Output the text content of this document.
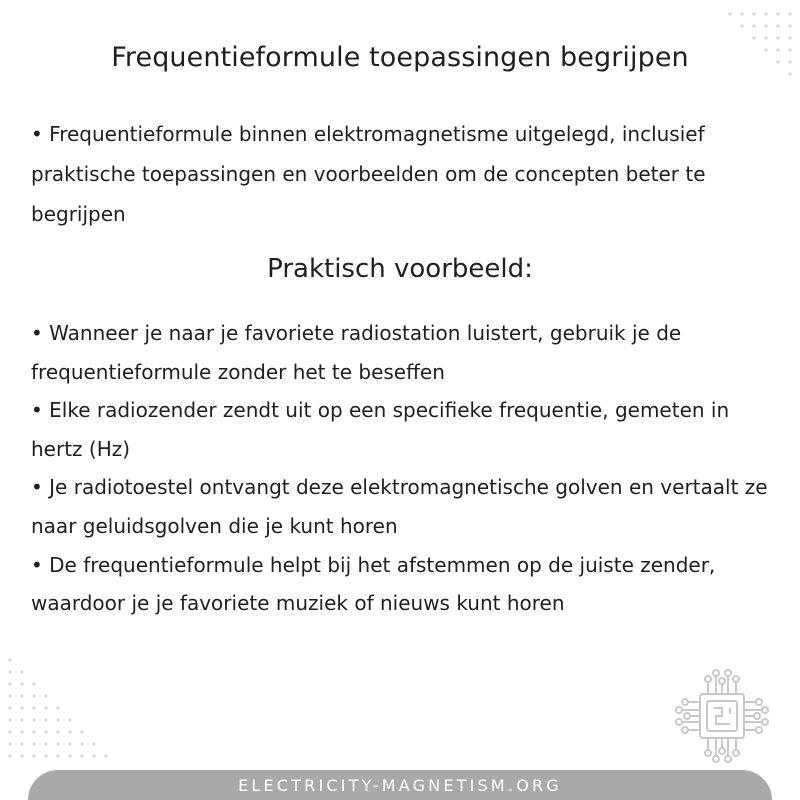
Frequentieformule toepassingen begrijpen

• Frequentieformule binnen elektromagnetisme uitgelegd, inclusief praktische toepassingen en voorbeelden om de concepten beter te begrijpen

Praktisch voorbeeld:

• Wanneer je naar je favoriete radiostation luistert, gebruik je de frequentieformule zonder het te beseffen

• Elke radiozender zendt uit op een specifieke frequentie, gemeten in hertz (Hz)

• Je radiotoestel ontvangt deze elektromagnetische golven en vertaalt ze naar geluidsgolven die je kunt horen

• De frequentieformule helpt bij het afstemmen op de juiste zender, waardoor je je favoriete muziek of nieuws kunt horen

ELECTRICITY-MAGNETISM.ORG
